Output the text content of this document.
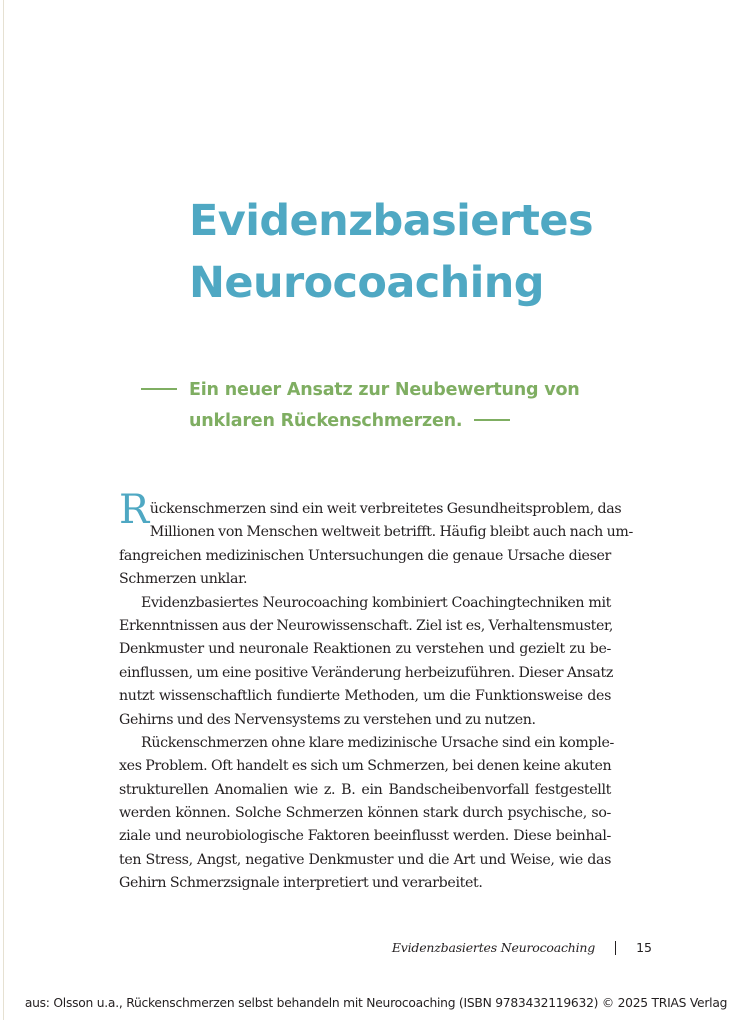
Evidenzbasiertes
Neurocoaching
Ein neuer Ansatz zur Neubewertung von
unklaren Rückenschmerzen.
R ückenschmerzen sind ein weit verbreitetes Gesundheitsproblem, das
Millionen von Menschen weltweit betrifft. Häufig bleibt auch nach um-
fangreichen medizinischen Untersuchungen die genaue Ursache dieser
Schmerzen unklar.
Evidenzbasiertes Neurocoaching kombiniert Coachingtechniken mit
Erkenntnissen aus der Neurowissenschaft. Ziel ist es, Verhaltensmuster,
Denkmuster und neuronale Reaktionen zu verstehen und gezielt zu be-
einflussen, um eine positive Veränderung herbeizuführen. Dieser Ansatz
nutzt wissenschaftlich fundierte Methoden, um die Funktionsweise des
Gehirns und des Nervensystems zu verstehen und zu nutzen.
Rückenschmerzen ohne klare medizinische Ursache sind ein komple-
xes Problem. Oft handelt es sich um Schmerzen, bei denen keine akuten
strukturellen Anomalien wie z. B. ein Bandscheibenvorfall festgestellt
werden können. Solche Schmerzen können stark durch psychische, so-
ziale und neurobiologische Faktoren beeinflusst werden. Diese beinhal-
ten Stress, Angst, negative Denkmuster und die Art und Weise, wie das
Gehirn Schmerzsignale interpretiert und verarbeitet.
Evidenzbasiertes Neurocoaching	15
aus: Olsson u.a., Rückenschmerzen selbst behandeln mit Neurocoaching (ISBN 9783432119632) © 2025 TRIAS Verlag
